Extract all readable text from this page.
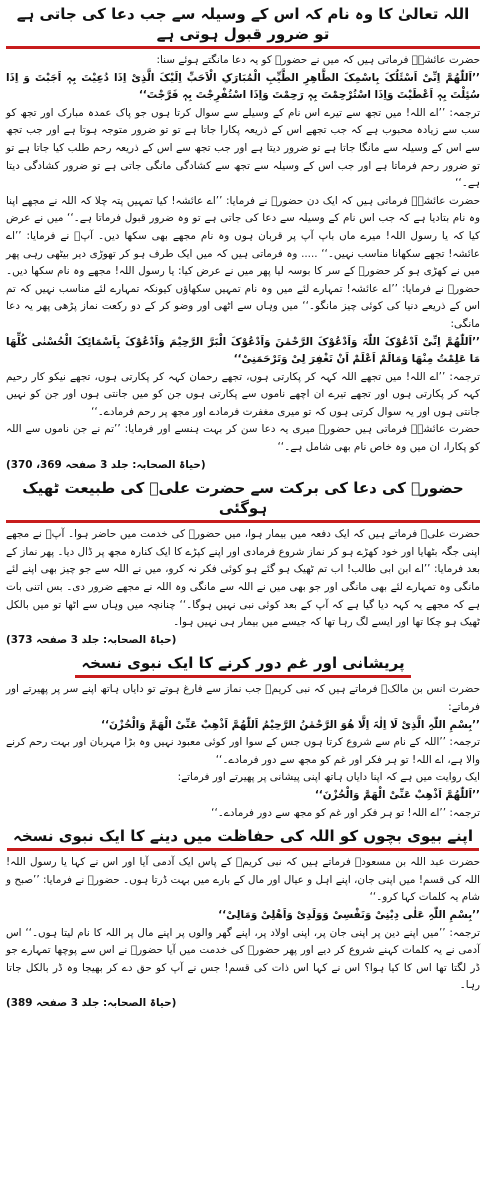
اللہ تعالیٰ کا وہ نام کہ اس کے وسیلہ سے جب دعا کی جاتی ہے تو ضرور قبول ہوتی ہے

حضرت عائشہؓ فرماتی ہیں کہ میں نے حضورؐ کو یہ دعا مانگتے ہوئے سنا:

’’اَللّٰھُمَّ اِنِّیْ اَسْئَلُکَ بِاسْمِکَ الطَّاھِرِ الطَّیِّبِ الْمُبَارَکِ الْاَحَبِّ اِلَیْکَ الَّذِیْ اِذَا دُعِیْتَ بِہٖ اَجَبْتَ وَ اِذَا سُئِلْتَ بِہٖ اَعْطَیْتَ وَاِذَا اسْتُرْحِمْتَ بِہٖ رَحِمْتَ وَاِذَا اسْتُفْرِجْتَ بِہٖ فَرَّجْتَ‘‘

ترجمہ: ’’اے اللہ! میں تجھ سے تیرے اس نام کے وسیلے سے سوال کرتا ہوں جو پاک عمدہ مبارک اور تجھ کو سب سے زیادہ محبوب ہے کہ جب تجھے اس کے ذریعہ پکارا جاتا ہے تو تو ضرور متوجہ ہوتا ہے اور جب تجھ سے اس کے وسیلہ سے مانگا جاتا ہے تو ضرور دیتا ہے اور جب تجھ سے اس کے ذریعہ رحم طلب کیا جاتا ہے تو تو ضرور رحم فرماتا ہے اور جب اس کے وسیلہ سے تجھ سے کشادگی مانگی جاتی ہے تو ضرور کشادگی دیتا ہے۔‘‘

حضرت عائشہؓ فرماتی ہیں کہ ایک دن حضورؐ نے فرمایا: ’’اے عائشہ! کیا تمہیں پتہ چلا کہ اللہ نے مجھے اپنا وہ نام بتادیا ہے کہ جب اس نام کے وسیلہ سے دعا کی جاتی ہے تو وہ ضرور قبول فرماتا ہے۔‘‘ میں نے عرض کیا کہ یا رسول اللہ! میرے ماں باپ آپ پر قربان ہوں وہ نام مجھے بھی سکھا دیں۔ آپؐ نے فرمایا: ’’اے عائشہ! تجھے سکھانا مناسب نہیں۔‘‘ ..... وہ فرماتی ہیں کہ میں ایک طرف ہو کر تھوڑی دیر بیٹھی رہی پھر میں نے کھڑی ہو کر حضورؐ کے سر کا بوسہ لیا پھر میں نے عرض کیا: یا رسول اللہ! مجھے وہ نام سکھا دیں۔ حضورؐ نے فرمایا: ’’اے عائشہ! تمہارے لئے میں وہ نام تمہیں سکھاؤں کیونکہ تمہارے لئے مناسب نہیں کہ تم اس کے ذریعے دنیا کی کوئی چیز مانگو۔‘‘ میں وہاں سے اٹھی اور وضو کر کے دو رکعت نماز پڑھی پھر یہ دعا مانگی:

’’اَللّٰھُمَّ اِنِّیْ اَدْعُوْکَ اللّٰہَ وَاَدْعُوْکَ الرَّحْمٰنَ وَاَدْعُوْکَ الْبَرَّ الرَّحِیْمَ وَاَدْعُوْکَ بِاَسْمَائِکَ الْحُسْنٰی کُلِّھَا مَا عَلِمْتُ مِنْھَا وَمَالَمْ اَعْلَمْ اَنْ تَغْفِرَ لِیْ وَتَرْحَمَنِیْ‘‘

ترجمہ: ’’اے اللہ! میں تجھے اللہ کہہ کر پکارتی ہوں، تجھے رحمان کہہ کر پکارتی ہوں، تجھے نیکو کار رحیم کہہ کر پکارتی ہوں اور تجھے تیرے ان اچھے ناموں سے پکارتی ہوں جن کو میں جانتی ہوں اور جن کو نہیں جانتی ہوں اور یہ سوال کرتی ہوں کہ تو میری مغفرت فرمادے اور مجھ پر رحم فرمادے۔‘‘

حضرت عائشہؓ فرماتی ہیں حضورؐ میری یہ دعا سن کر بہت ہنسے اور فرمایا: ’’تم نے جن ناموں سے اللہ کو پکارا، ان میں وہ خاص نام بھی شامل ہے۔‘‘

(حیاۃ الصحابہ: جلد 3 صفحہ 369، 370)
حضورؐ کی دعا کی برکت سے حضرت علیؓ کی طبیعت ٹھیک ہوگئی

حضرت علیؓ فرماتے ہیں کہ ایک دفعہ میں بیمار ہوا، میں حضورؐ کی خدمت میں حاضر ہوا۔ آپؐ نے مجھے اپنی جگہ بٹھایا اور خود کھڑے ہو کر نماز شروع فرمادی اور اپنے کپڑے کا ایک کنارہ مجھ پر ڈال دیا۔ پھر نماز کے بعد فرمایا: ’’اے ابن ابی طالب! اب تم ٹھیک ہو گئے ہو کوئی فکر نہ کرو، میں نے اللہ سے جو چیز بھی اپنے لئے مانگی وہ تمہارے لئے بھی مانگی اور جو بھی میں نے اللہ سے مانگی وہ اللہ نے مجھے ضرور دی۔ بس اتنی بات ہے کہ مجھے یہ کہہ دیا گیا ہے کہ آپ کے بعد کوئی نبی نہیں ہوگا۔‘‘ چنانچہ میں وہاں سے اٹھا تو میں بالکل ٹھیک ہو چکا تھا اور ایسے لگ رہا تھا کہ جیسے میں بیمار ہی نہیں ہوا۔

(حیاۃ الصحابہ: جلد 3 صفحہ 373)
پریشانی اور غم دور کرنے کا ایک نبوی نسخہ

حضرت انس بن مالکؓ فرماتے ہیں کہ نبی کریمؐ جب نماز سے فارغ ہوتے تو دایاں ہاتھ اپنے سر پر پھیرتے اور فرماتے:

’’بِسْمِ اللّٰہِ الَّذِیْ لَا اِلٰہَ اِلَّا ھُوَ الرَّحْمٰنُ الرَّحِیْمُ اَللّٰھُمَّ اَذْھِبْ عَنِّیْ الْھَمَّ وَالْحُزْنَ‘‘

ترجمہ: ’’اللہ کے نام سے شروع کرتا ہوں جس کے سوا اور کوئی معبود نہیں وہ بڑا مہربان اور بہت رحم کرنے والا ہے، اے اللہ! تو ہر فکر اور غم کو مجھ سے دور فرمادے۔‘‘

ایک روایت میں ہے کہ اپنا دایاں ہاتھ اپنی پیشانی پر پھیرتے اور فرماتے:

’’اَللّٰھُمَّ اَذْھِبْ عَنِّیْ الْھَمَّ وَالْحُزْنَ‘‘

ترجمہ: ’’اے اللہ! تو ہر فکر اور غم کو مجھ سے دور فرمادے۔‘‘

اپنے بیوی بچوں کو اللہ کی حفاظت میں دینے کا ایک نبوی نسخہ

حضرت عبد اللہ بن مسعودؓ فرماتے ہیں کہ نبی کریمؐ کے پاس ایک آدمی آیا اور اس نے کہا یا رسول اللہ! اللہ کی قسم! میں اپنی جان، اپنے اہل و عیال اور مال کے بارے میں بہت ڈرتا ہوں۔ حضورؐ نے فرمایا: ’’صبح و شام یہ کلمات کہا کرو۔‘‘

’’بِسْمِ اللّٰہِ عَلٰی دِیْنِیْ وَنَفْسِیْ وَوَلَدِیْ وَاَھْلِیْ وَمَالِیْ‘‘

ترجمہ: ’’میں اپنے دین پر اپنی جان پر، اپنی اولاد پر، اپنے گھر والوں پر اپنے مال پر اللہ کا نام لیتا ہوں۔‘‘ اس آدمی نے یہ کلمات کہنے شروع کر دیے اور پھر حضورؐ کی خدمت میں آیا حضورؐ نے اس سے پوچھا تمہارے جو ڈر لگتا تھا اس کا کیا ہوا؟ اس نے کہا اس ذات کی قسم! جس نے آپ کو حق دے کر بھیجا وہ ڈر بالکل جاتا رہا۔

(حیاۃ الصحابہ: جلد 3 صفحہ 389)
